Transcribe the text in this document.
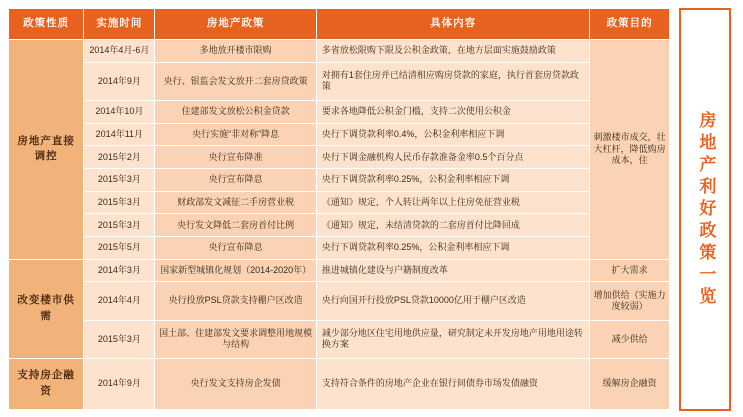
政策性质	实施时间	房地产政策	具体内容	政策目的
房地产直接调控	2014年4月-6月	多地放开楼市限购	多省放松限购下限及公积金政策，在地方层面实施鼓励政策	刺激楼市成交，壮大杠杆，降低购房成本，住
	2014年9月	央行、银监会发文放开二套房贷政策	对拥有1套住房并已结清相应购房贷款的家庭，执行首套房贷款政策	
	2014年10月	住建部发文放松公积金贷款	要求各地降低公积金门槛，支持二次使用公积金	
	2014年11月	央行实施“非对称”降息	央行下调贷款利率0.4%，公积金利率相应下调	
	2015年2月	央行宣布降准	央行下调金融机构人民币存款准备金率0.5个百分点	
	2015年3月	央行宣布降息	央行下调贷款利率0.25%，公积金利率相应下调	
	2015年3月	财政部发文减征二手房营业税	《通知》规定，个人转让两年以上住房免征营业税	
	2015年3月	央行发文降低二套房首付比例	《通知》规定，未结清贷款的二套房首付比降回成	
	2015年5月	央行宣布降息	央行下调贷款利率0.25%，公积金利率相应下调	
改变楼市供需	2014年3月	国家新型城镇化规划（2014-2020年）	推进城镇化建设与户籍制度改革	扩大需求
	2014年4月	央行投放PSL贷款支持棚户区改造	央行向国开行投放PSL贷款10000亿用于棚户区改造	增加供给（实施力度较弱）
	2015年3月	国土部、住建部发文要求调整用地规模与结构	减少部分地区住宅用地供应量，研究制定未开发房地产用地用途转换方案	减少供给
支持房企融资	2014年9月	央行发文支持房企发债	支持符合条件的房地产企业在银行间债券市场发债融资	缓解房企融资
房地产利好政策一览
